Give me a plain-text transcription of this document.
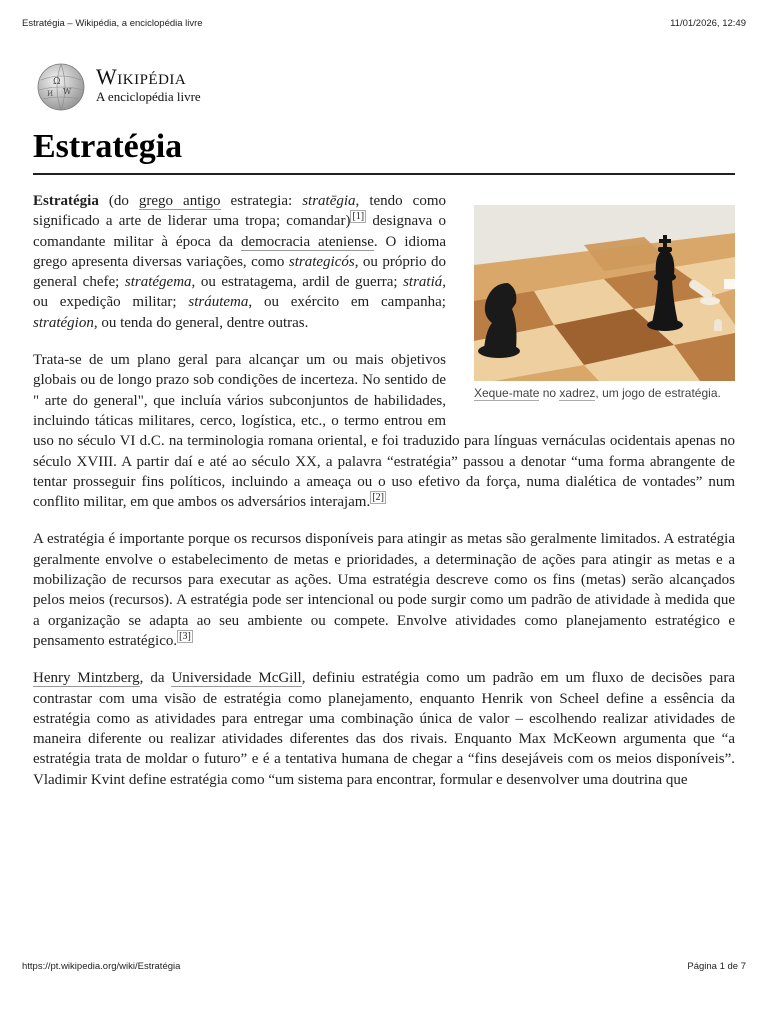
Estratégia – Wikipédia, a enciclopédia livre	11/01/2026, 12:49
Ω
W
И
Wikipédia
A enciclopédia livre
Estratégia
Xeque-mate no xadrez, um jogo de estratégia.

Estratégia (do grego antigo estrategia: stratēgia, tendo como significado a arte de liderar uma tropa; comandar) [1] designava o comandante militar à época da democracia ateniense. O idioma grego apresenta diversas variações, como strategicós, ou próprio do general chefe; stratégema, ou estratagema, ardil de guerra; stratiá, ou expedição militar; stráutema, ou exército em campanha; stratégion, ou tenda do general, dentre outras.

Trata-se de um plano geral para alcançar um ou mais objetivos globais ou de longo prazo sob condições de incerteza. No sentido de " arte do general", que incluía vários subconjuntos de habilidades, incluindo táticas militares, cerco, logística, etc., o termo entrou em uso no século VI d.C. na terminologia romana oriental, e foi traduzido para línguas vernáculas ocidentais apenas no século XVIII. A partir daí e até ao século XX, a palavra “estratégia” passou a denotar “uma forma abrangente de tentar prosseguir fins políticos, incluindo a ameaça ou o uso efetivo da força, numa dialética de vontades” num conflito militar, em que ambos os adversários interajam. [2]

A estratégia é importante porque os recursos disponíveis para atingir as metas são geralmente limitados. A estratégia geralmente envolve o estabelecimento de metas e prioridades, a determinação de ações para atingir as metas e a mobilização de recursos para executar as ações. Uma estratégia descreve como os fins (metas) serão alcançados pelos meios (recursos). A estratégia pode ser intencional ou pode surgir como um padrão de atividade à medida que a organização se adapta ao seu ambiente ou compete. Envolve atividades como planejamento estratégico e pensamento estratégico. [3]

Henry Mintzberg, da Universidade McGill, definiu estratégia como um padrão em um fluxo de decisões para contrastar com uma visão de estratégia como planejamento, enquanto Henrik von Scheel define a essência da estratégia como as atividades para entregar uma combinação única de valor – escolhendo realizar atividades de maneira diferente ou realizar atividades diferentes das dos rivais. Enquanto Max McKeown argumenta que “a estratégia trata de moldar o futuro” e é a tentativa humana de chegar a “fins desejáveis com os meios disponíveis”. Vladimir Kvint define estratégia como “um sistema para encontrar, formular e desenvolver uma doutrina que

https://pt.wikipedia.org/wiki/Estratégia	Página 1 de 7
